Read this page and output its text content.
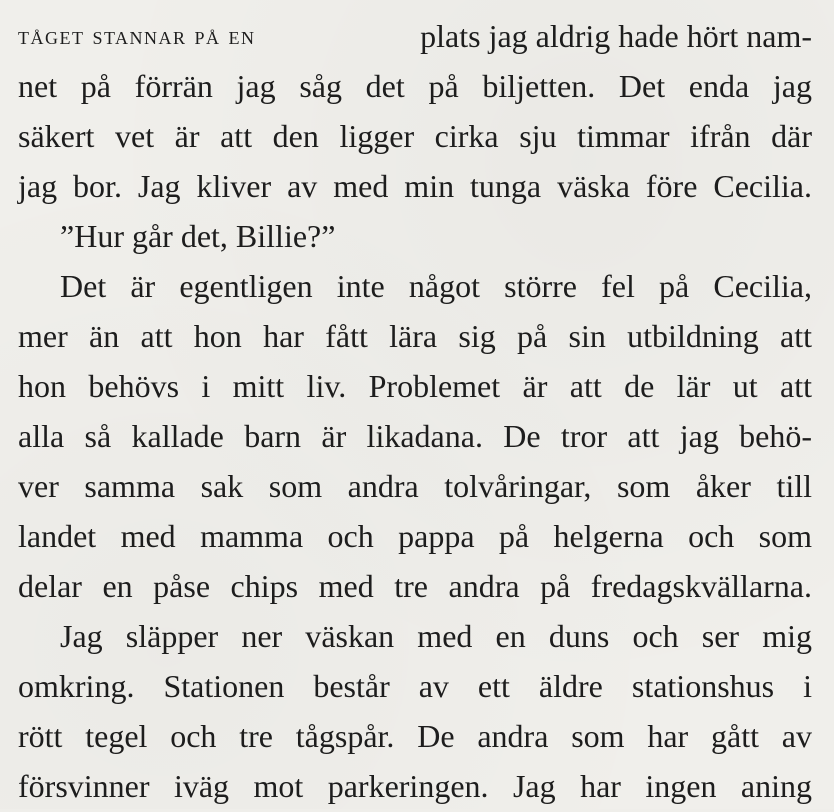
tåget stannar på en	plats jag aldrig hade hört nam-
net på förrän jag såg det på biljetten. Det enda jag
säkert vet är att den ligger cirka sju timmar ifrån där
jag bor. Jag kliver av med min tunga väska före Cecilia.
”Hur går det, Billie?”
Det är egentligen inte något större fel på Cecilia,
mer än att hon har fått lära sig på sin utbildning att
hon behövs i mitt liv. Problemet är att de lär ut att
alla så kallade barn är likadana. De tror att jag behö-
ver samma sak som andra tolvåringar, som åker till
landet med mamma och pappa på helgerna och som
delar en påse chips med tre andra på fredagskvällarna.
Jag släpper ner väskan med en duns och ser mig
omkring. Stationen består av ett äldre stationshus i
rött tegel och tre tågspår. De andra som har gått av
försvinner iväg mot parkeringen. Jag har ingen aning
